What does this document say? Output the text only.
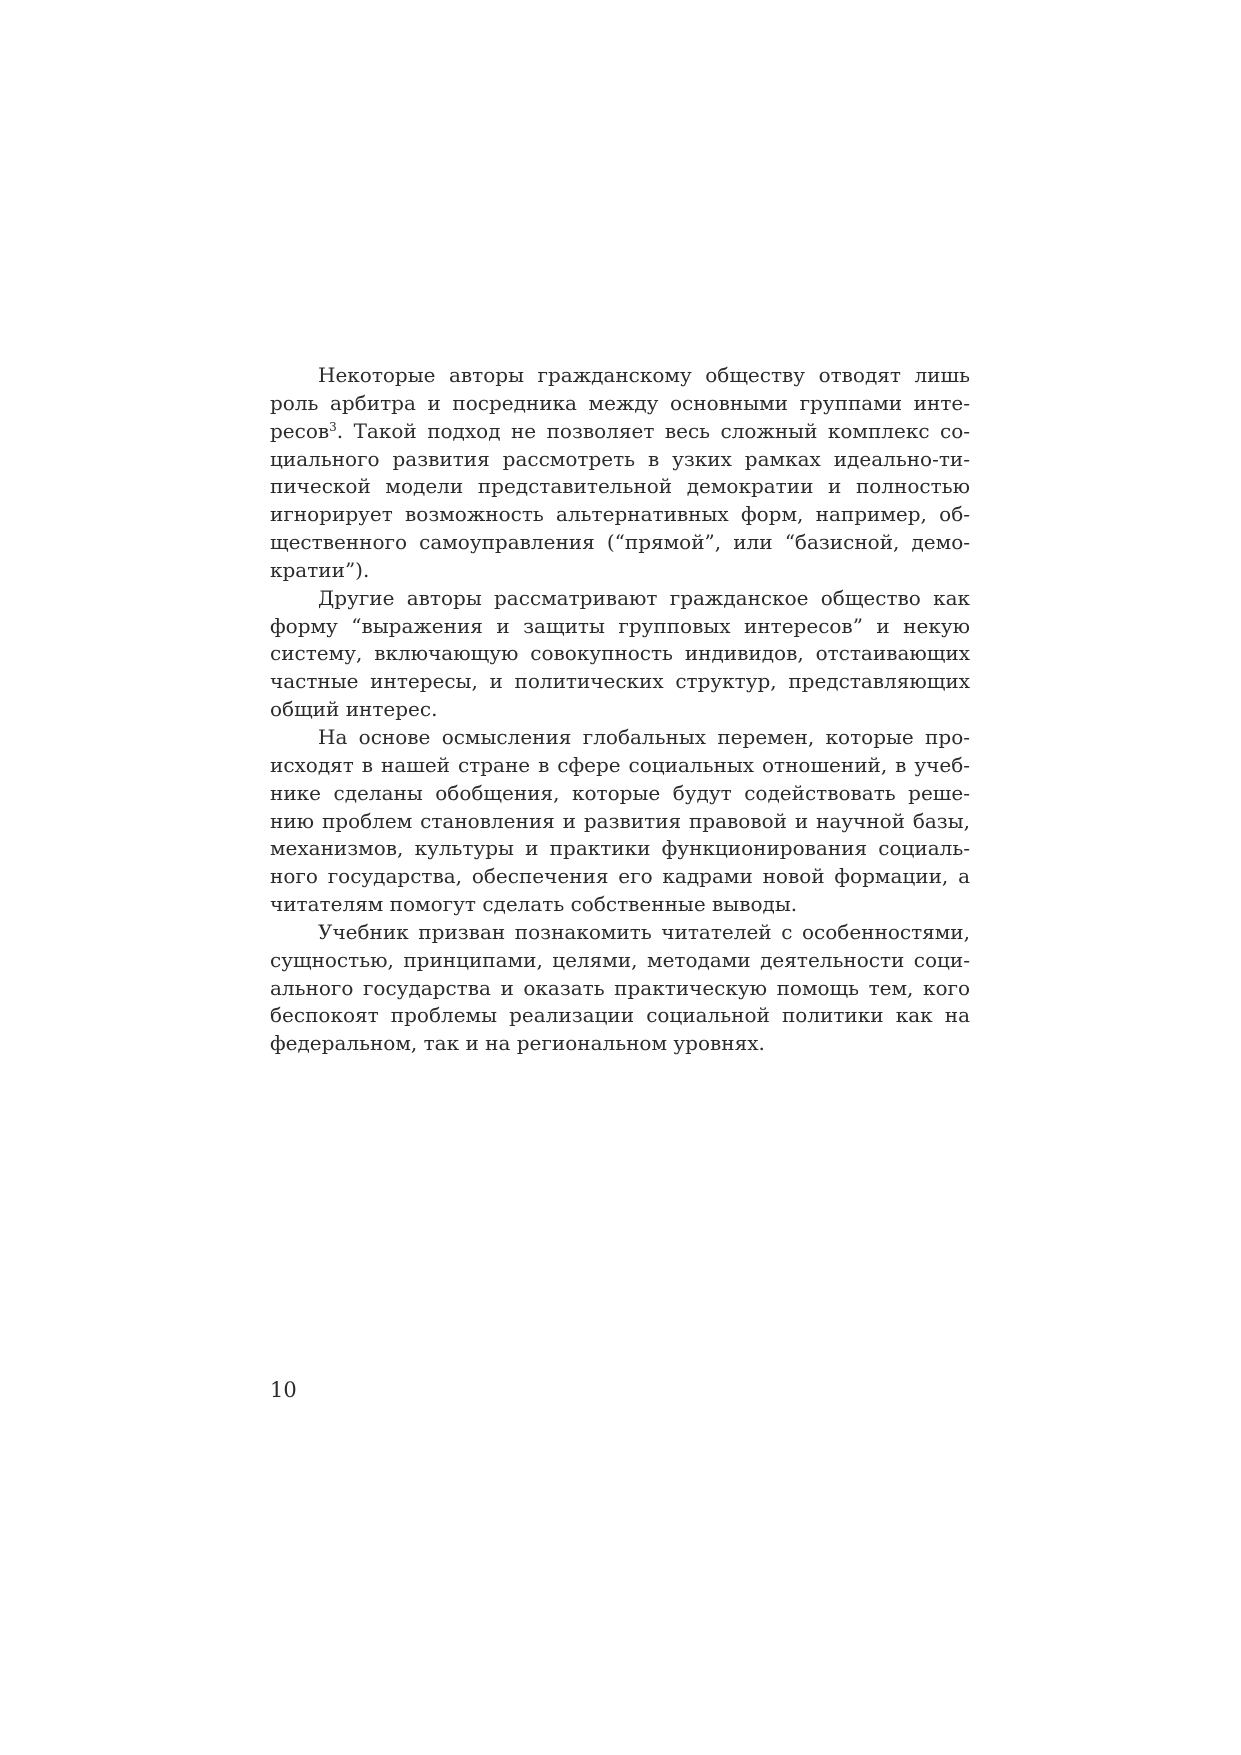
Некоторые авторы гражданскому обществу отводят лишь
роль арбитра и посредника между основными группами инте-
ресов$^3$. Такой подход не позволяет весь сложный комплекс со-
циального развития рассмотреть в узких рамках идеально-ти-
пической модели представительной демократии и полностью
игнорирует возможность альтернативных форм, например, об-
щественного самоуправления (“прямой”, или “базисной, демо-
кратии”).
Другие авторы рассматривают гражданское общество как
форму “выражения и защиты групповых интересов” и некую
систему, включающую совокупность индивидов, отстаивающих
частные интересы, и политических структур, представляющих
общий интерес.
На основе осмысления глобальных перемен, которые про-
исходят в нашей стране в сфере социальных отношений, в учеб-
нике сделаны обобщения, которые будут содействовать реше-
нию проблем становления и развития правовой и научной базы,
механизмов, культуры и практики функционирования социаль-
ного государства, обеспечения его кадрами новой формации, а
читателям помогут сделать собственные выводы.
Учебник призван познакомить читателей с особенностями,
сущностью, принципами, целями, методами деятельности соци-
ального государства и оказать практическую помощь тем, кого
беспокоят проблемы реализации социальной политики как на
федеральном, так и на региональном уровнях.
10
